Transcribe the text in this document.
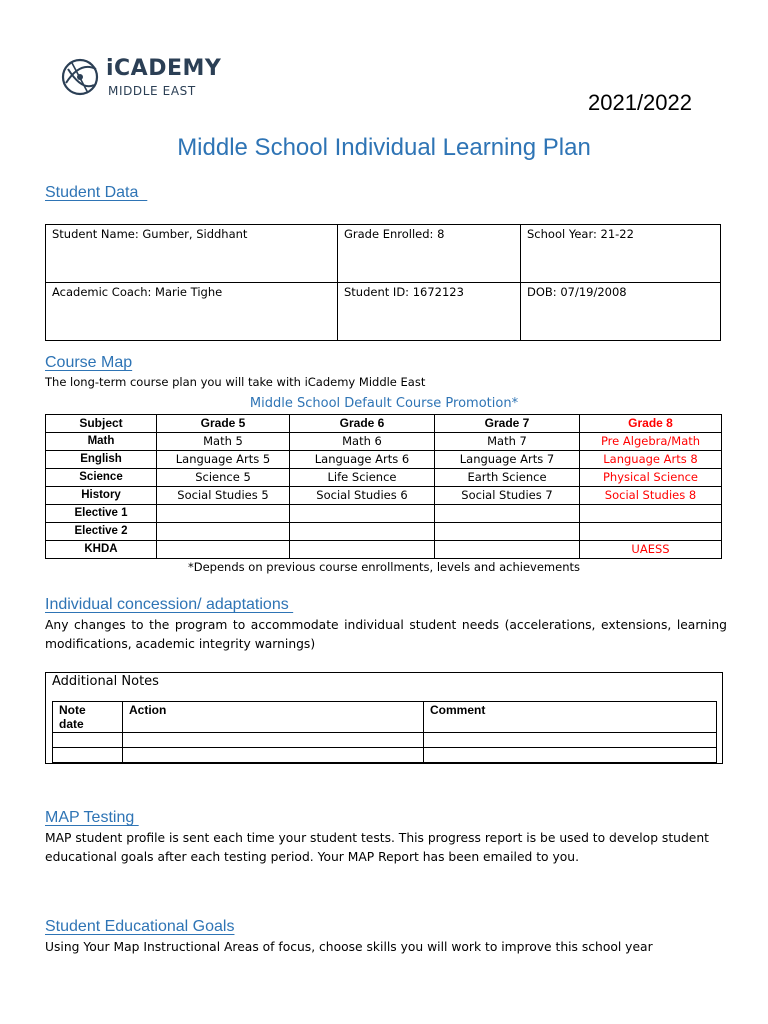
iCADEMY
MIDDLE EAST	2021/2022
Middle School Individual Learning Plan
Student Data
Student Name: Gumber, Siddhant	Grade Enrolled: 8	School Year: 21-22
Academic Coach: Marie Tighe	Student ID: 1672123	DOB: 07/19/2008
Course Map
The long-term course plan you will take with iCademy Middle East
Middle School Default Course Promotion*
Subject	Grade 5	Grade 6	Grade 7	Grade 8
Math	Math 5	Math 6	Math 7	Pre Algebra/Math
English	Language Arts 5	Language Arts 6	Language Arts 7	Language Arts 8
Science	Science 5	Life Science	Earth Science	Physical Science
History	Social Studies 5	Social Studies 6	Social Studies 7	Social Studies 8
Elective 1				
Elective 2				
KHDA				UAESS
*Depends on previous course enrollments, levels and achievements
Individual concession/ adaptations
Any changes to the program to accommodate individual student needs (accelerations, extensions, learning
modifications, academic integrity warnings)
Additional Notes
Note
date	Action	Comment

MAP Testing
MAP student profile is sent each time your student tests. This progress report is be used to develop student
educational goals after each testing period. Your MAP Report has been emailed to you.
Student Educational Goals
Using Your Map Instructional Areas of focus, choose skills you will work to improve this school year
